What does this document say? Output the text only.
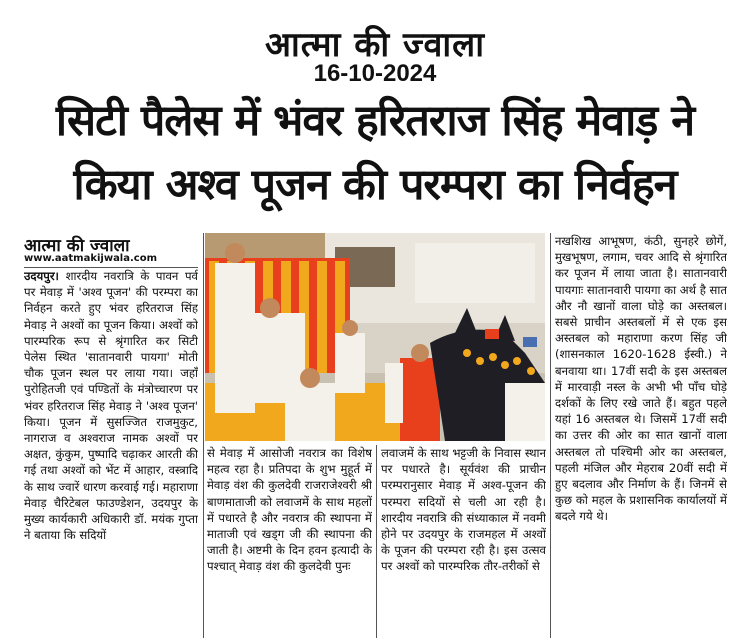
आत्मा की ज्वाला
16-10-2024
सिटी पैलेस में भंवर हरितराज सिंह मेवाड़ ने
किया अश्व पूजन की परम्परा का निर्वहन
आत्मा की ज्वाला
www.aatmakijwala.com

उदयपुर। शारदीय नवरात्रि के पावन पर्व पर मेवाड़ में 'अश्व पूजन' की परम्परा का निर्वहन करते हुए भंवर हरितराज सिंह मेवाड़ ने अश्वों का पूजन किया। अश्वों को पारम्परिक रूप से श्रृंगारित कर सिटी पेलेस स्थित 'सातानवारी पायगा' मोती चौक पूजन स्थल पर लाया गया। जहाँ पुरोहितजी एवं पण्डितों के मंत्रोच्चारण पर भंवर हरितराज सिंह मेवाड़ ने 'अश्व पूजन' किया। पूजन में सुसज्जित राजमुकुट, नागराज व अश्वराज नामक अश्वों पर अक्षत, कुंकुम, पुष्पादि चढ़ाकर आरती की गई तथा अश्वों को भेंट में आहार, वस्त्रादि के साथ ज्वारें धारण करवाई गई। महाराणा मेवाड़ चैरिटेबल फाउण्डेशन, उदयपुर के मुख्य कार्यकारी अधिकारी डॉ. मयंक गुप्ता ने बताया कि सदियों

से मेवाड़ में आसोजी नवरात्र का विशेष महत्व रहा है। प्रतिपदा के शुभ मुहूर्त में मेवाड़ वंश की कुलदेवी राजराजेश्वरी श्री बाणमाताजी को लवाजमें के साथ महलों में पधारते है और नवरात्र की स्थापना में माताजी एवं खड्ग जी की स्थापना की जाती है। अष्टमी के दिन हवन इत्यादी के पश्चात् मेवाड़ वंश की कुलदेवी पुनः

लवाजमें के साथ भट्टजी के निवास स्थान पर पधारते है। सूर्यवंश की प्राचीन परम्परानुसार मेवाड़ में अश्व-पूजन की परम्परा सदियों से चली आ रही है। शारदीय नवरात्रि की संध्याकाल में नवमी होने पर उदयपुर के राजमहल में अश्वों के पूजन की परम्परा रही है। इस उत्सव पर अश्वों को पारम्परिक तौर-तरीकों से

नखशिख आभूषण, कंठी, सुनहरे छोगें, मुखभूषण, लगाम, चवर आदि से श्रृंगारित कर पूजन में लाया जाता है। सातानवारी पायगाः सातानवारी पायगा का अर्थ है सात और नौ खानों वाला घोड़े का अस्तबल। सबसे प्राचीन अस्तबलों में से एक इस अस्तबल को महाराणा करण सिंह जी (शासनकाल 1620-1628 ईस्वी.) ने बनवाया था। 17वीं सदी के इस अस्तबल में मारवाड़ी नस्ल के अभी भी पाँच घोड़े दर्शकों के लिए रखे जाते हैं। बहुत पहले यहां 16 अस्तबल थे। जिसमें 17वीं सदी का उत्तर की ओर का सात खानों वाला अस्तबल तो पश्चिमी ओर का अस्तबल, पहली मंजिल और मेहराब 20वीं सदी में हुए बदलाव और निर्माण के हैं। जिनमें से कुछ को महल के प्रशासनिक कार्यालयों में बदले गये थे।
